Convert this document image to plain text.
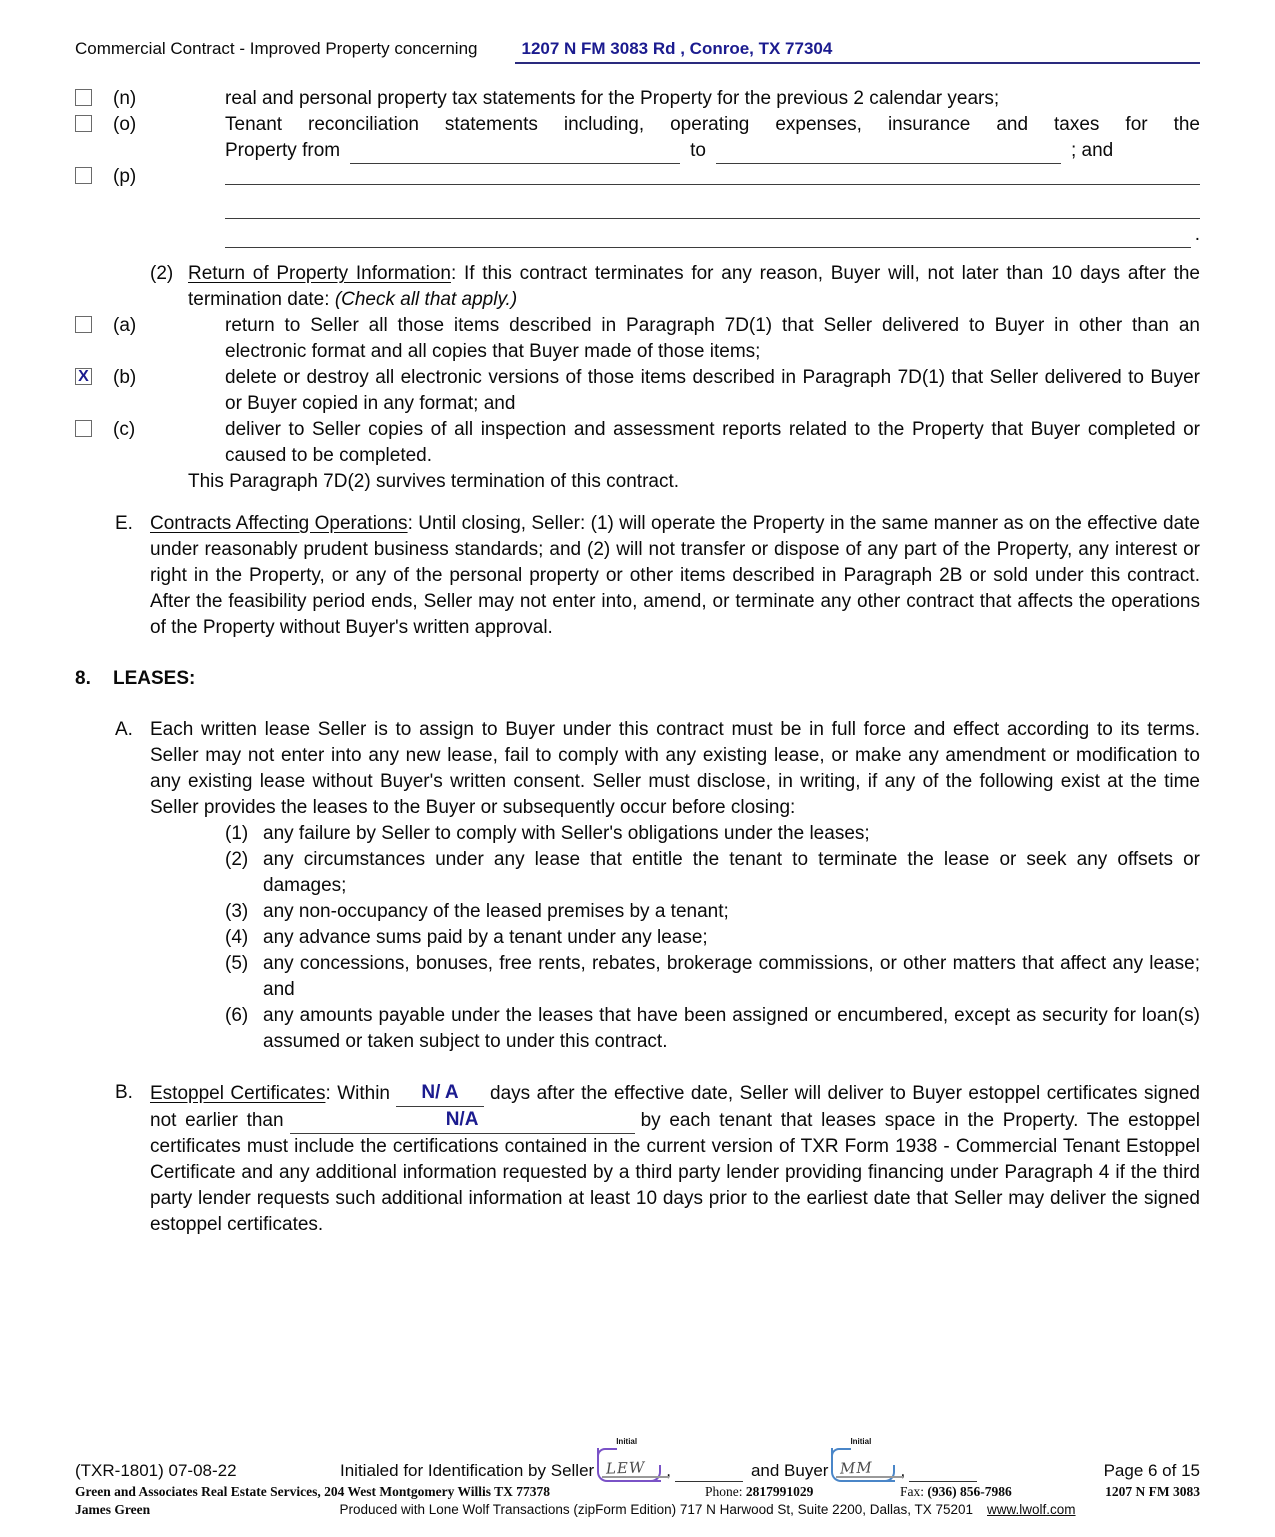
Commercial Contract - Improved Property concerning	1207 N FM 3083 Rd , Conroe, TX 77304
(n)	real and personal property tax statements for the Property for the previous 2 calendar years;
(o)	Tenant reconciliation statements including, operating expenses, insurance and taxes for the
Property from	to	; and
(p)
.
(2) Return of Property Information: If this contract terminates for any reason, Buyer will, not later than 10 days after the termination date: (Check all that apply.)
(a)	return to Seller all those items described in Paragraph 7D(1) that Seller delivered to Buyer in other than an electronic format and all copies that Buyer made of those items;
X (b)	delete or destroy all electronic versions of those items described in Paragraph 7D(1) that Seller delivered to Buyer or Buyer copied in any format; and
(c)	deliver to Seller copies of all inspection and assessment reports related to the Property that Buyer completed or caused to be completed.
This Paragraph 7D(2) survives termination of this contract.
E. Contracts Affecting Operations: Until closing, Seller: (1) will operate the Property in the same manner as on the effective date under reasonably prudent business standards; and (2) will not transfer or dispose of any part of the Property, any interest or right in the Property, or any of the personal property or other items described in Paragraph 2B or sold under this contract. After the feasibility period ends, Seller may not enter into, amend, or terminate any other contract that affects the operations of the Property without Buyer's written approval.
8. LEASES:
A. Each written lease Seller is to assign to Buyer under this contract must be in full force and effect according to its terms. Seller may not enter into any new lease, fail to comply with any existing lease, or make any amendment or modification to any existing lease without Buyer's written consent. Seller must disclose, in writing, if any of the following exist at the time Seller provides the leases to the Buyer or subsequently occur before closing:
(1) any failure by Seller to comply with Seller's obligations under the leases;
(2) any circumstances under any lease that entitle the tenant to terminate the lease or seek any offsets or damages;
(3) any non-occupancy of the leased premises by a tenant;
(4) any advance sums paid by a tenant under any lease;
(5) any concessions, bonuses, free rents, rebates, brokerage commissions, or other matters that affect any lease; and
(6) any amounts payable under the leases that have been assigned or encumbered, except as security for loan(s) assumed or taken subject to under this contract.
B. Estoppel Certificates: Within N/ A days after the effective date, Seller will deliver to Buyer estoppel certificates signed not earlier than	N/A	by each tenant that leases space in the Property. The estoppel certificates must include the certifications contained in the current version of TXR Form 1938 - Commercial Tenant Estoppel Certificate and any additional information requested by a third party lender providing financing under Paragraph 4 if the third party lender requests such additional information at least 10 days prior to the earliest date that Seller may deliver the signed estoppel certificates.
(TXR-1801) 07-08-22	Initialed for Identification by Seller
Initial
LEW ,	and Buyer
Initial
MM ,	Page 6 of 15
Green and Associates Real Estate Services, 204 West Montgomery Willis TX 77378	Phone: 2817991029	Fax: (936) 856-7986	1207 N FM 3083
James Green	Produced with Lone Wolf Transactions (zipForm Edition) 717 N Harwood St, Suite 2200, Dallas, TX 75201 www.lwolf.com
